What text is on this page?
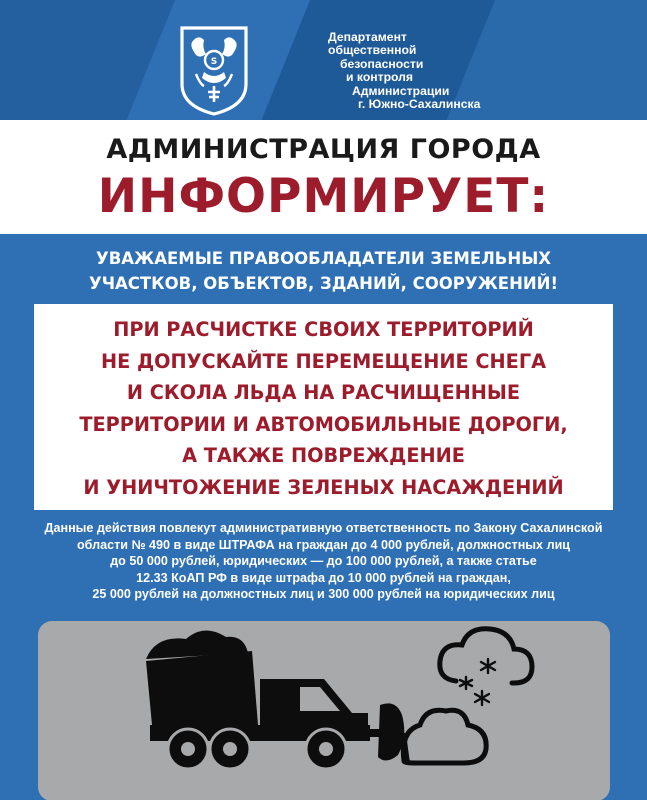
S
Департамент
общественной
безопасности
и контроля
Администрации
г. Южно-Сахалинска
АДМИНИСТРАЦИЯ ГОРОДА
ИНФОРМИРУЕТ:
УВАЖАЕМЫЕ ПРАВООБЛАДАТЕЛИ ЗЕМЕЛЬНЫХ
УЧАСТКОВ, ОБЪЕКТОВ, ЗДАНИЙ, СООРУЖЕНИЙ!
ПРИ РАСЧИСТКЕ СВОИХ ТЕРРИТОРИЙ
НЕ ДОПУСКАЙТЕ ПЕРЕМЕЩЕНИЕ СНЕГА
И СКОЛА ЛЬДА НА РАСЧИЩЕННЫЕ
ТЕРРИТОРИИ И АВТОМОБИЛЬНЫЕ ДОРОГИ,
А ТАКЖЕ ПОВРЕЖДЕНИЕ
И УНИЧТОЖЕНИЕ ЗЕЛЕНЫХ НАСАЖДЕНИЙ
Данные действия повлекут административную ответственность по Закону Сахалинской
области № 490 в виде ШТРАФА на граждан до 4 000 рублей, должностных лиц
до 50 000 рублей, юридических — до 100 000 рублей, а также статье
12.33 КоАП РФ в виде штрафа до 10 000 рублей на граждан,
25 000 рублей на должностных лиц и 300 000 рублей на юридических лиц
